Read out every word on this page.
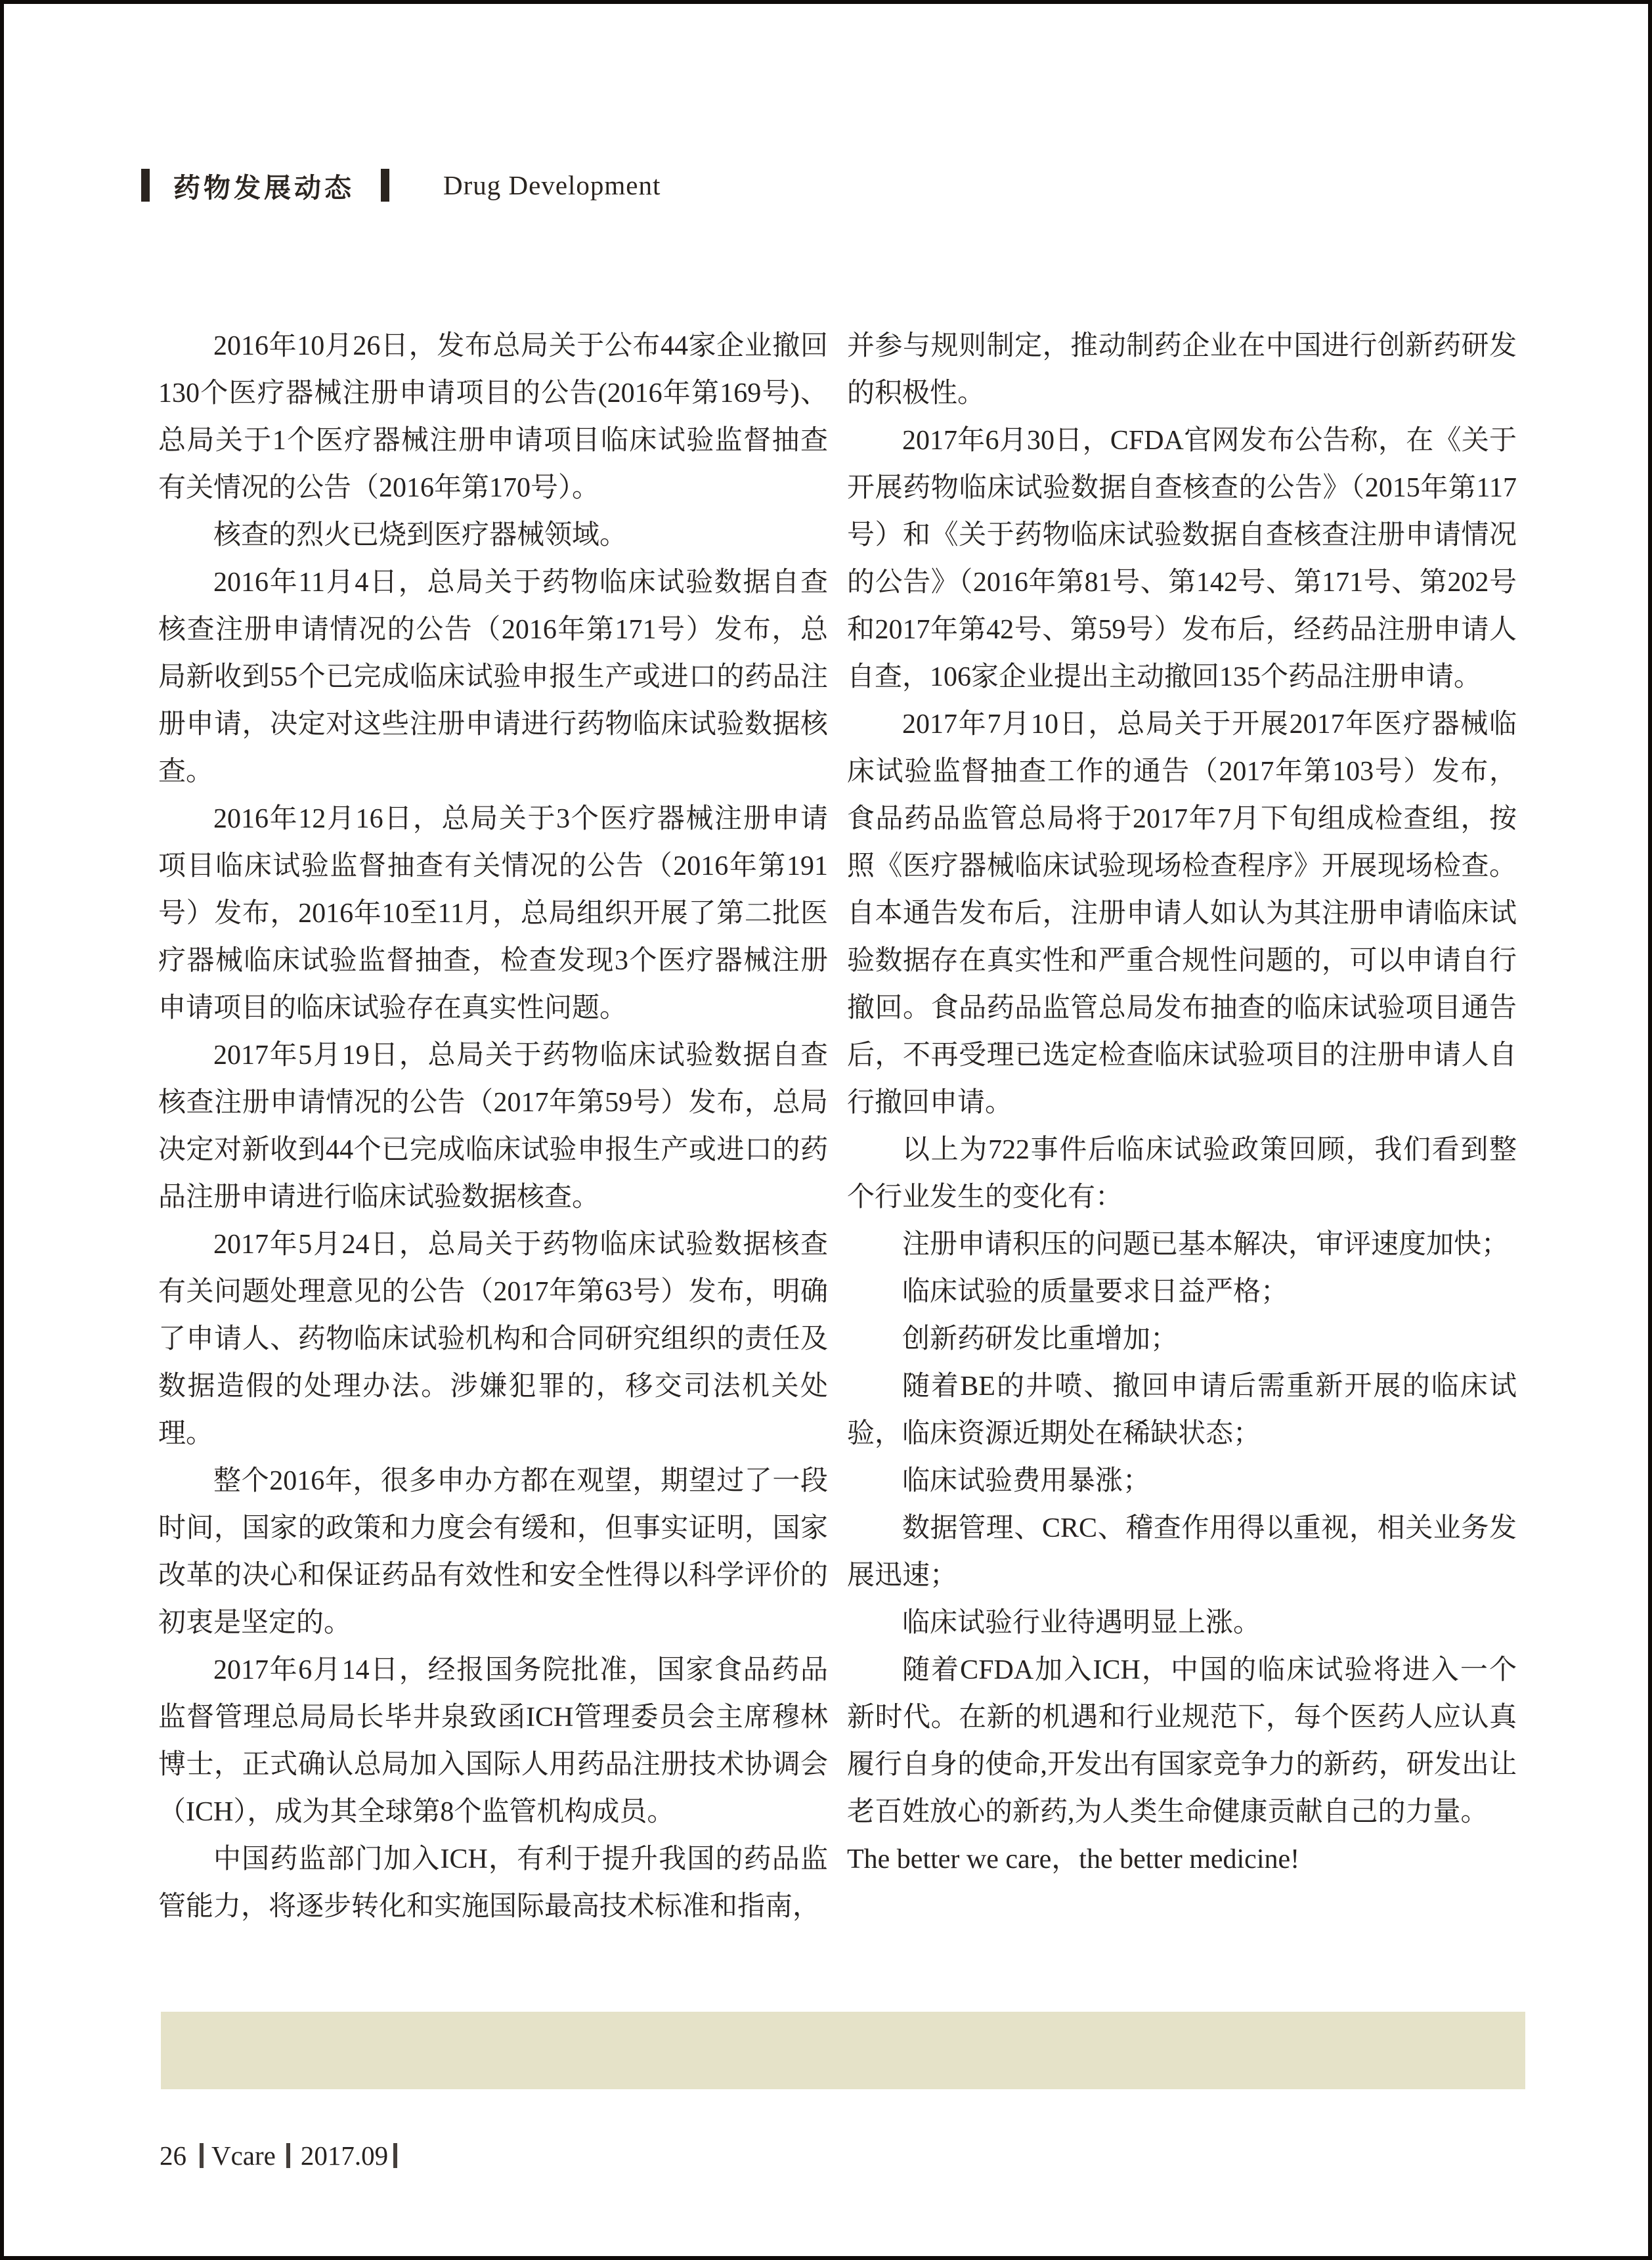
药物发展动态	Drug Development

2016年10月26日，发布总局关于公布44家企业撤回130个医疗器械注册申请项目的公告(2016年第169号)、总局关于1个医疗器械注册申请项目临床试验监督抽查有关情况的公告（2016年第170号）。

核查的烈火已烧到医疗器械领域。

2016年11月4日，总局关于药物临床试验数据自查核查注册申请情况的公告（2016年第171号）发布，总局新收到55个已完成临床试验申报生产或进口的药品注册申请，决定对这些注册申请进行药物临床试验数据核查。

2016年12月16日，总局关于3个医疗器械注册申请项目临床试验监督抽查有关情况的公告（2016年第191号）发布，2016年10至11月，总局组织开展了第二批医疗器械临床试验监督抽查，检查发现3个医疗器械注册申请项目的临床试验存在真实性问题。

2017年5月19日，总局关于药物临床试验数据自查核查注册申请情况的公告（2017年第59号）发布，总局决定对新收到44个已完成临床试验申报生产或进口的药品注册申请进行临床试验数据核查。

2017年5月24日，总局关于药物临床试验数据核查有关问题处理意见的公告（2017年第63号）发布，明确了申请人、药物临床试验机构和合同研究组织的责任及数据造假的处理办法。涉嫌犯罪的，移交司法机关处理。

整个2016年，很多申办方都在观望，期望过了一段时间，国家的政策和力度会有缓和，但事实证明，国家改革的决心和保证药品有效性和安全性得以科学评价的初衷是坚定的。

2017年6月14日，经报国务院批准，国家食品药品监督管理总局局长毕井泉致函ICH管理委员会主席穆林博士，正式确认总局加入国际人用药品注册技术协调会（ICH），成为其全球第8个监管机构成员。

中国药监部门加入ICH，有利于提升我国的药品监管能力，将逐步转化和实施国际最高技术标准和指南，

并参与规则制定，推动制药企业在中国进行创新药研发的积极性。

2017年6月30日，CFDA官网发布公告称，在《关于开展药物临床试验数据自查核查的公告》（2015年第117号）和《关于药物临床试验数据自查核查注册申请情况的公告》（2016年第81号、第142号、第171号、第202号和2017年第42号、第59号）发布后，经药品注册申请人自查，106家企业提出主动撤回135个药品注册申请。

2017年7月10日，总局关于开展2017年医疗器械临床试验监督抽查工作的通告（2017年第103号）发布，食品药品监管总局将于2017年7月下旬组成检查组，按照《医疗器械临床试验现场检查程序》开展现场检查。自本通告发布后，注册申请人如认为其注册申请临床试验数据存在真实性和严重合规性问题的，可以申请自行撤回。食品药品监管总局发布抽查的临床试验项目通告后，不再受理已选定检查临床试验项目的注册申请人自行撤回申请。

以上为722事件后临床试验政策回顾，我们看到整个行业发生的变化有：

注册申请积压的问题已基本解决，审评速度加快；

临床试验的质量要求日益严格；

创新药研发比重增加；

随着BE的井喷、撤回申请后需重新开展的临床试验，临床资源近期处在稀缺状态；

临床试验费用暴涨；

数据管理、CRC、稽查作用得以重视，相关业务发展迅速；

临床试验行业待遇明显上涨。

随着CFDA加入ICH，中国的临床试验将进入一个新时代。在新的机遇和行业规范下，每个医药人应认真履行自身的使命,开发出有国家竞争力的新药，研发出让老百姓放心的新药,为人类生命健康贡献自己的力量。

The better we care，the better medicine!

26 Vcare 2017.09
